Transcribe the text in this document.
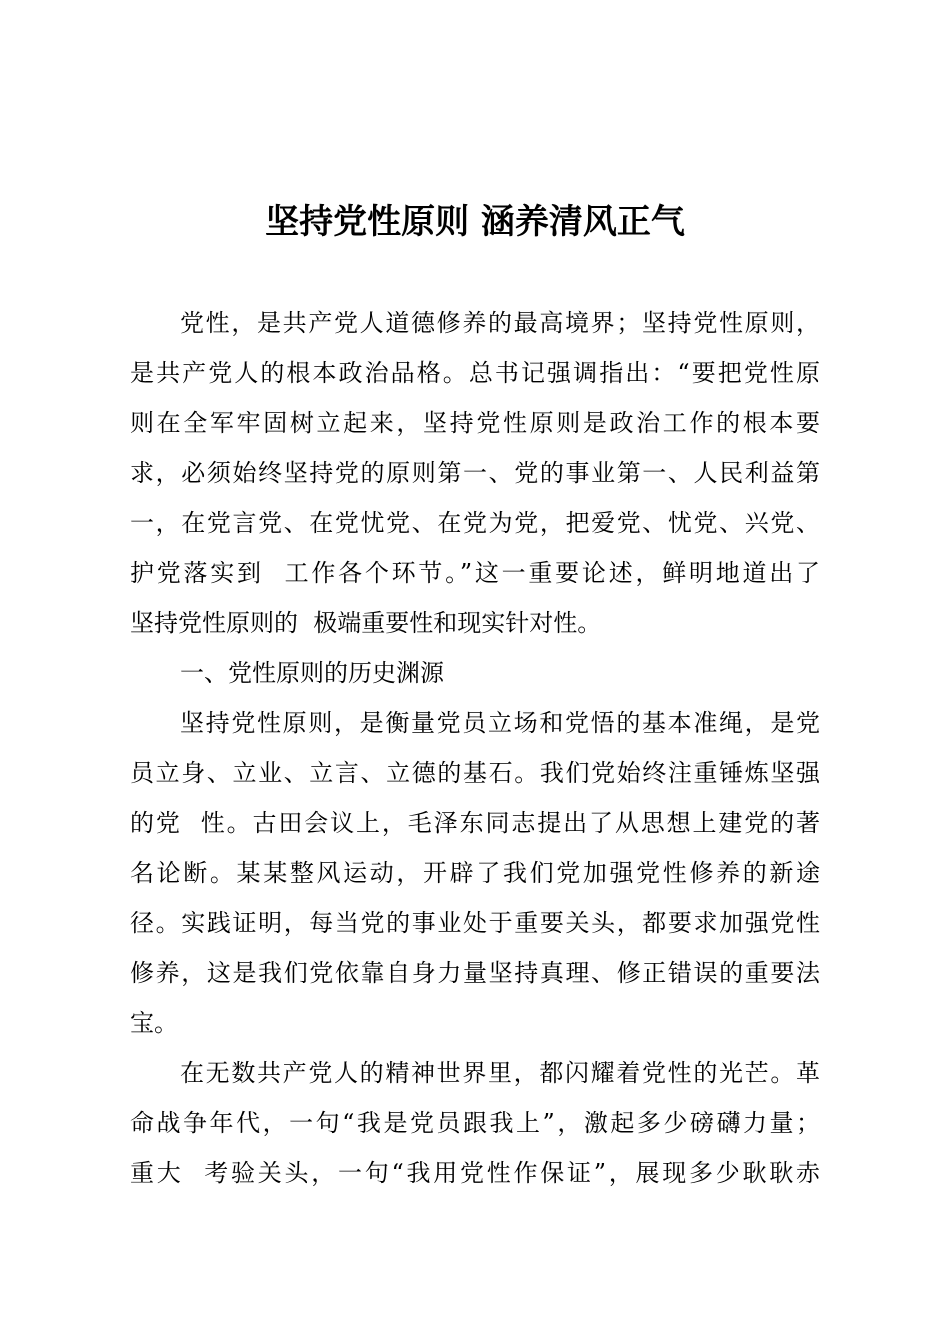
坚持党性原则 涵养清风正气
党性，是共产党人道德修养的最高境界；坚持党性原则，
是共产党人的根本政治品格。总书记强调指出：“要把党性原
则在全军牢固树立起来，坚持党性原则是政治工作的根本要
求，必须始终坚持党的原则第一、党的事业第一、人民利益第
一，在党言党、在党忧党、在党为党，把爱党、忧党、兴党、
护党落实到  工作各个环节。”这一重要论述，鲜明地道出了
坚持党性原则的  极端重要性和现实针对性。
一、党性原则的历史渊源
坚持党性原则，是衡量党员立场和党悟的基本准绳，是党
员立身、立业、立言、立德的基石。我们党始终注重锤炼坚强
的党  性。古田会议上，毛泽东同志提出了从思想上建党的著
名论断。某某整风运动，开辟了我们党加强党性修养的新途
径。实践证明，每当党的事业处于重要关头，都要求加强党性
修养，这是我们党依靠自身力量坚持真理、修正错误的重要法
宝。
在无数共产党人的精神世界里，都闪耀着党性的光芒。革
命战争年代，一句“我是党员跟我上”，激起多少磅礴力量；
重大  考验关头，一句“我用党性作保证”，展现多少耿耿赤
